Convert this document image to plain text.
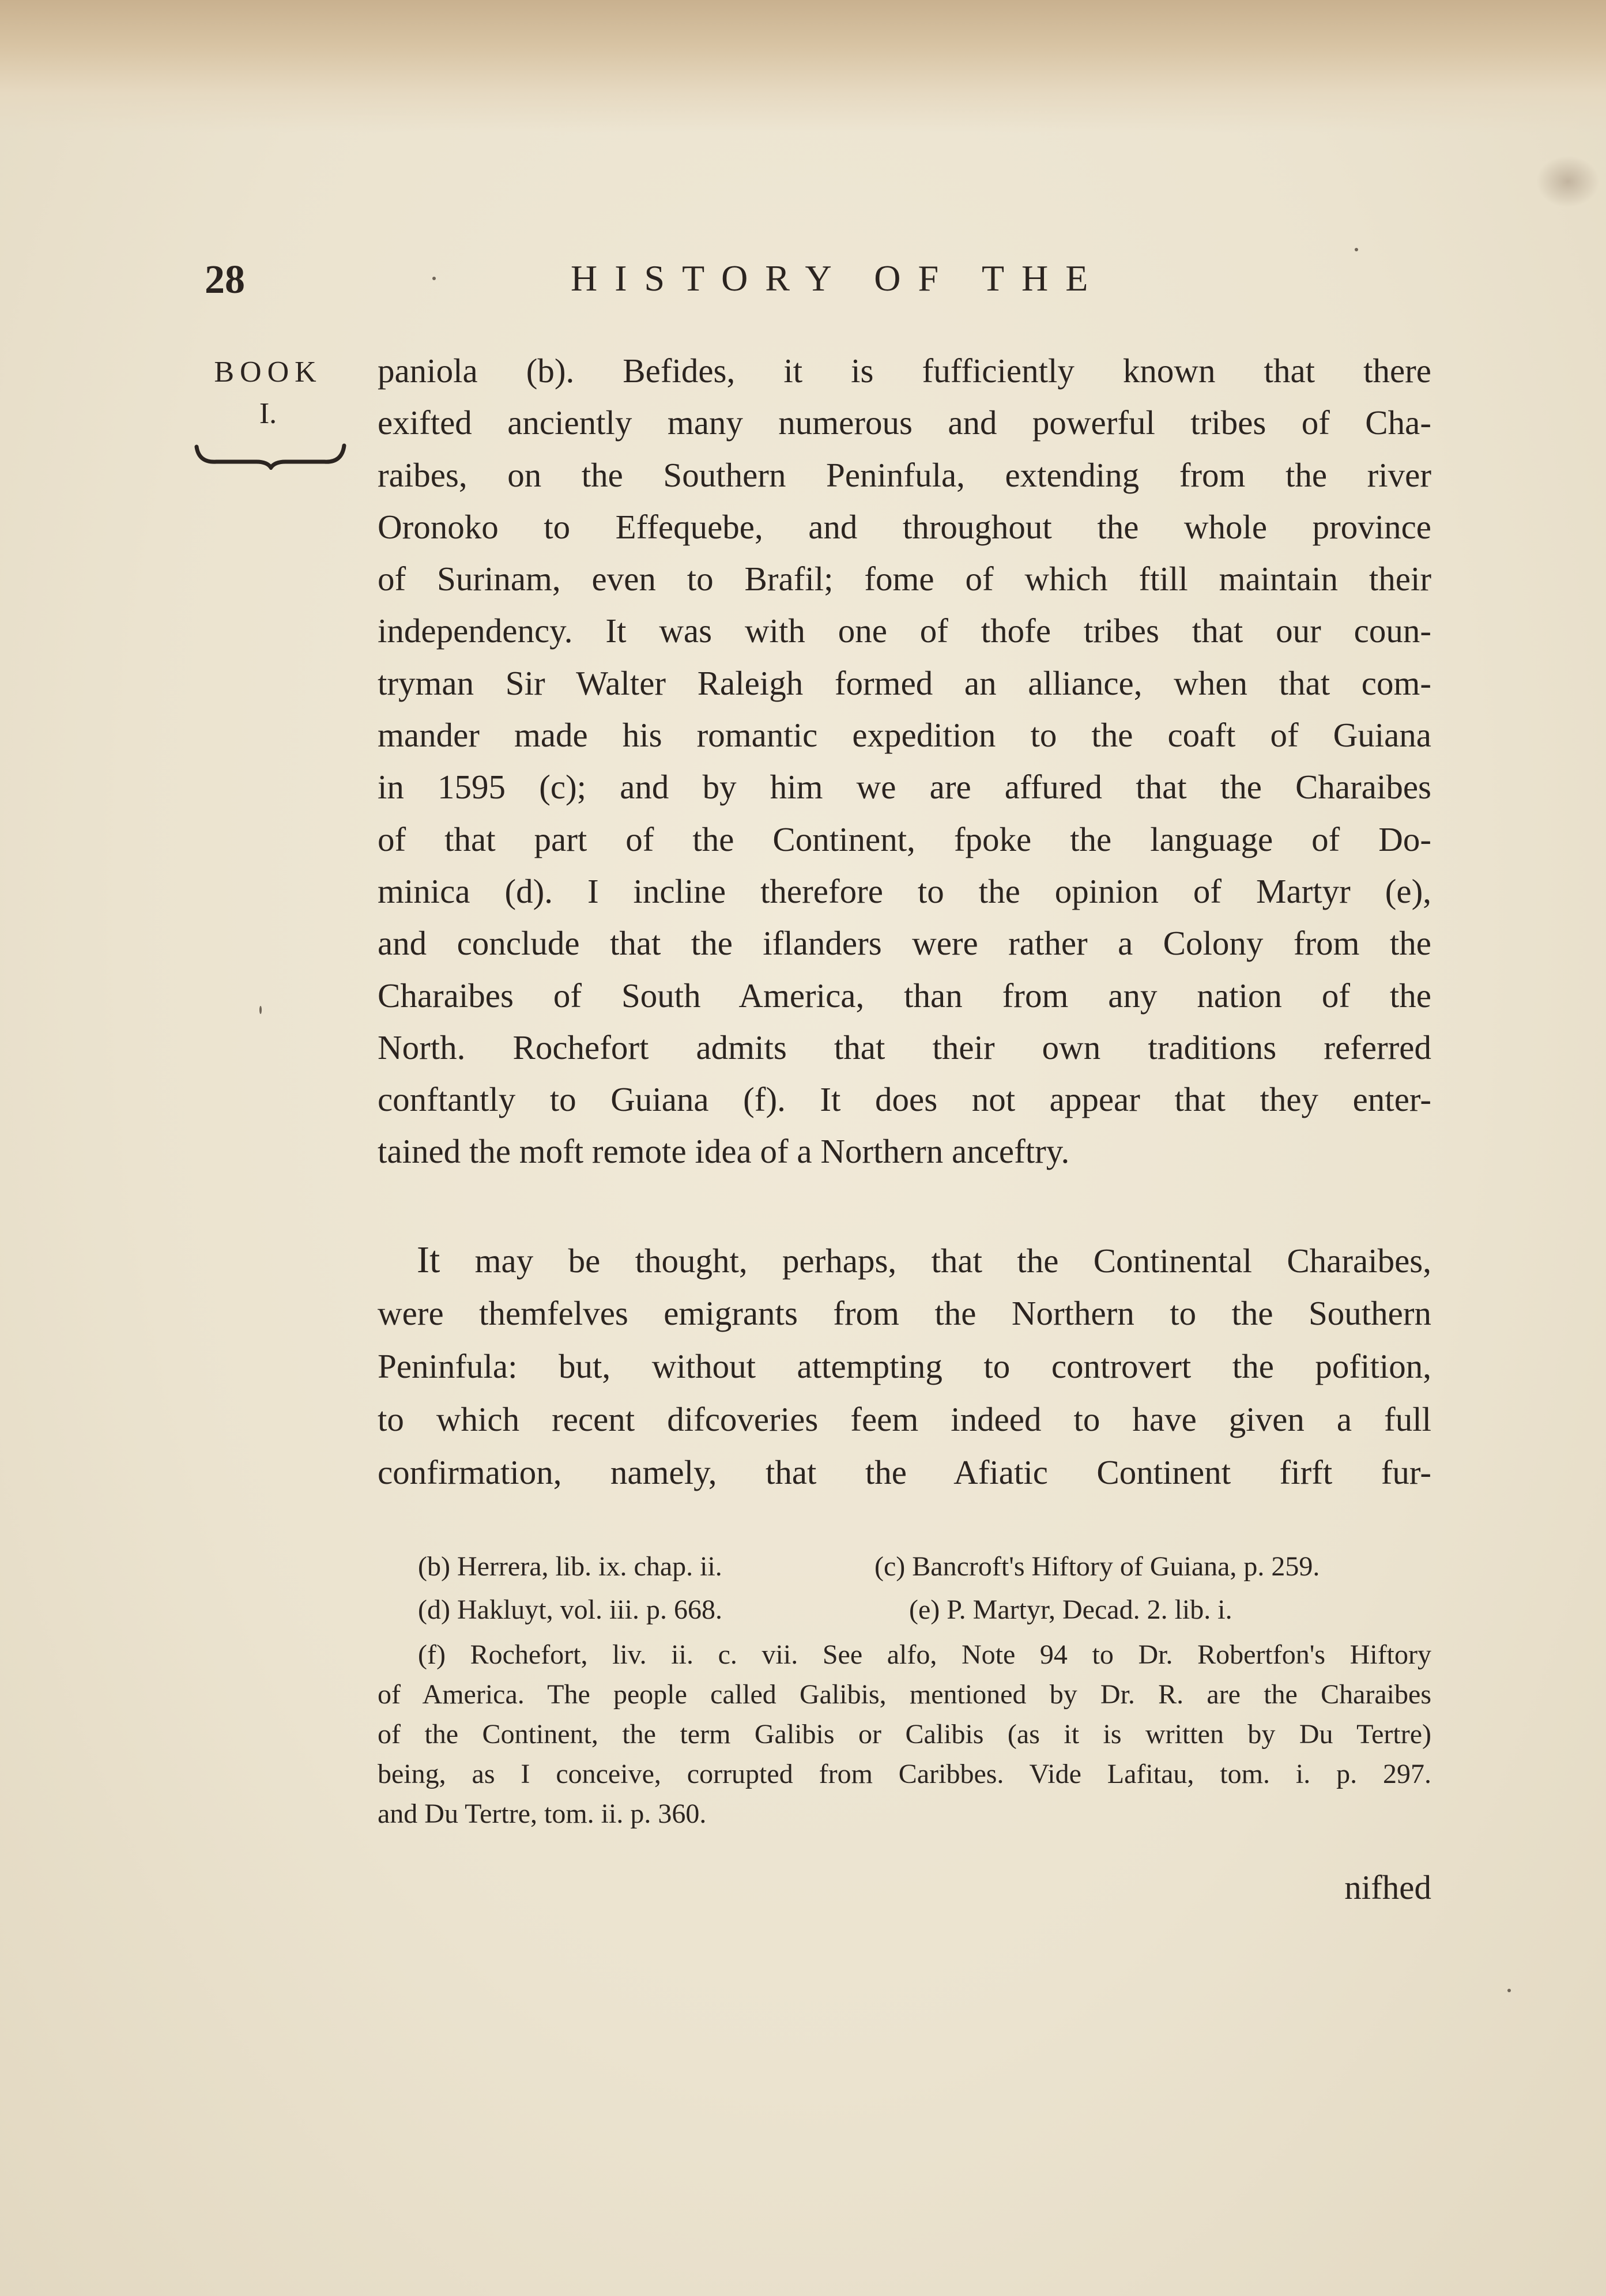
28	HISTORY OF THE
BOOK
I.
paniola (b). Befides, it is fufficiently known that there
exifted anciently many numerous and powerful tribes of Cha-
raibes, on the Southern Peninfula, extending from the river
Oronoko to Effequebe, and throughout the whole province
of Surinam, even to Brafil; fome of which ftill maintain their
independency. It was with one of thofe tribes that our coun-
tryman Sir Walter Raleigh formed an alliance, when that com-
mander made his romantic expedition to the coaft of Guiana
in 1595 (c); and by him we are affured that the Charaibes
of that part of the Continent, fpoke the language of Do-
minica (d). I incline therefore to the opinion of Martyr (e),
and conclude that the iflanders were rather a Colony from the
Charaibes of South America, than from any nation of the
North. Rochefort admits that their own traditions referred
conftantly to Guiana (f). It does not appear that they enter-
tained the moft remote idea of a Northern anceftry.
It may be thought, perhaps, that the Continental Charaibes,
were themfelves emigrants from the Northern to the Southern
Peninfula: but, without attempting to controvert the pofition,
to which recent difcoveries feem indeed to have given a full
confirmation, namely, that the Afiatic Continent firft fur-
(b) Herrera, lib. ix. chap. ii.	(c) Bancroft's Hiftory of Guiana, p. 259.
(d) Hakluyt, vol. iii. p. 668.	(e) P. Martyr, Decad. 2. lib. i.
(f) Rochefort, liv. ii. c. vii. See alfo, Note 94 to Dr. Robertfon's Hiftory
of America. The people called Galibis, mentioned by Dr. R. are the Charaibes
of the Continent, the term Galibis or Calibis (as it is written by Du Tertre)
being, as I conceive, corrupted from Caribbes. Vide Lafitau, tom. i. p. 297.
and Du Tertre, tom. ii. p. 360.
nifhed
